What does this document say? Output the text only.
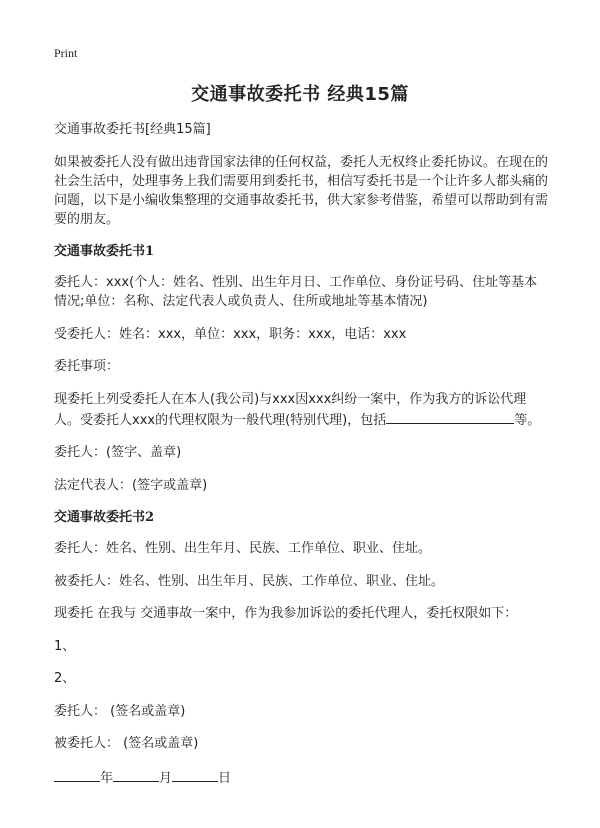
Print
交通事故委托书 经典15篇

交通事故委托书[经典15篇]

如果被委托人没有做出违背国家法律的任何权益，委托人无权终止委托协议。在现在的社会生活中，处理事务上我们需要用到委托书，相信写委托书是一个让许多人都头痛的问题，以下是小编收集整理的交通事故委托书，供大家参考借鉴，希望可以帮助到有需要的朋友。

交通事故委托书1

委托人：xxx(个人：姓名、性别、出生年月日、工作单位、身份证号码、住址等基本情况;单位：名称、法定代表人或负责人、住所或地址等基本情况)

受委托人：姓名：xxx，单位：xxx，职务：xxx，电话：xxx

委托事项：

现委托上列受委托人在本人(我公司)与xxx因xxx纠纷一案中，作为我方的诉讼代理人。受委托人xxx的代理权限为一般代理(特别代理)，包括	等。

委托人：(签字、盖章)

法定代表人：(签字或盖章)

交通事故委托书2

委托人：姓名、性别、出生年月、民族、工作单位、职业、住址。

被委托人：姓名、性别、出生年月、民族、工作单位、职业、住址。

现委托 在我与 交通事故一案中，作为我参加诉讼的委托代理人，委托权限如下：

1、

2、

委托人： (签名或盖章)

被委托人： (签名或盖章)

年	月	日
